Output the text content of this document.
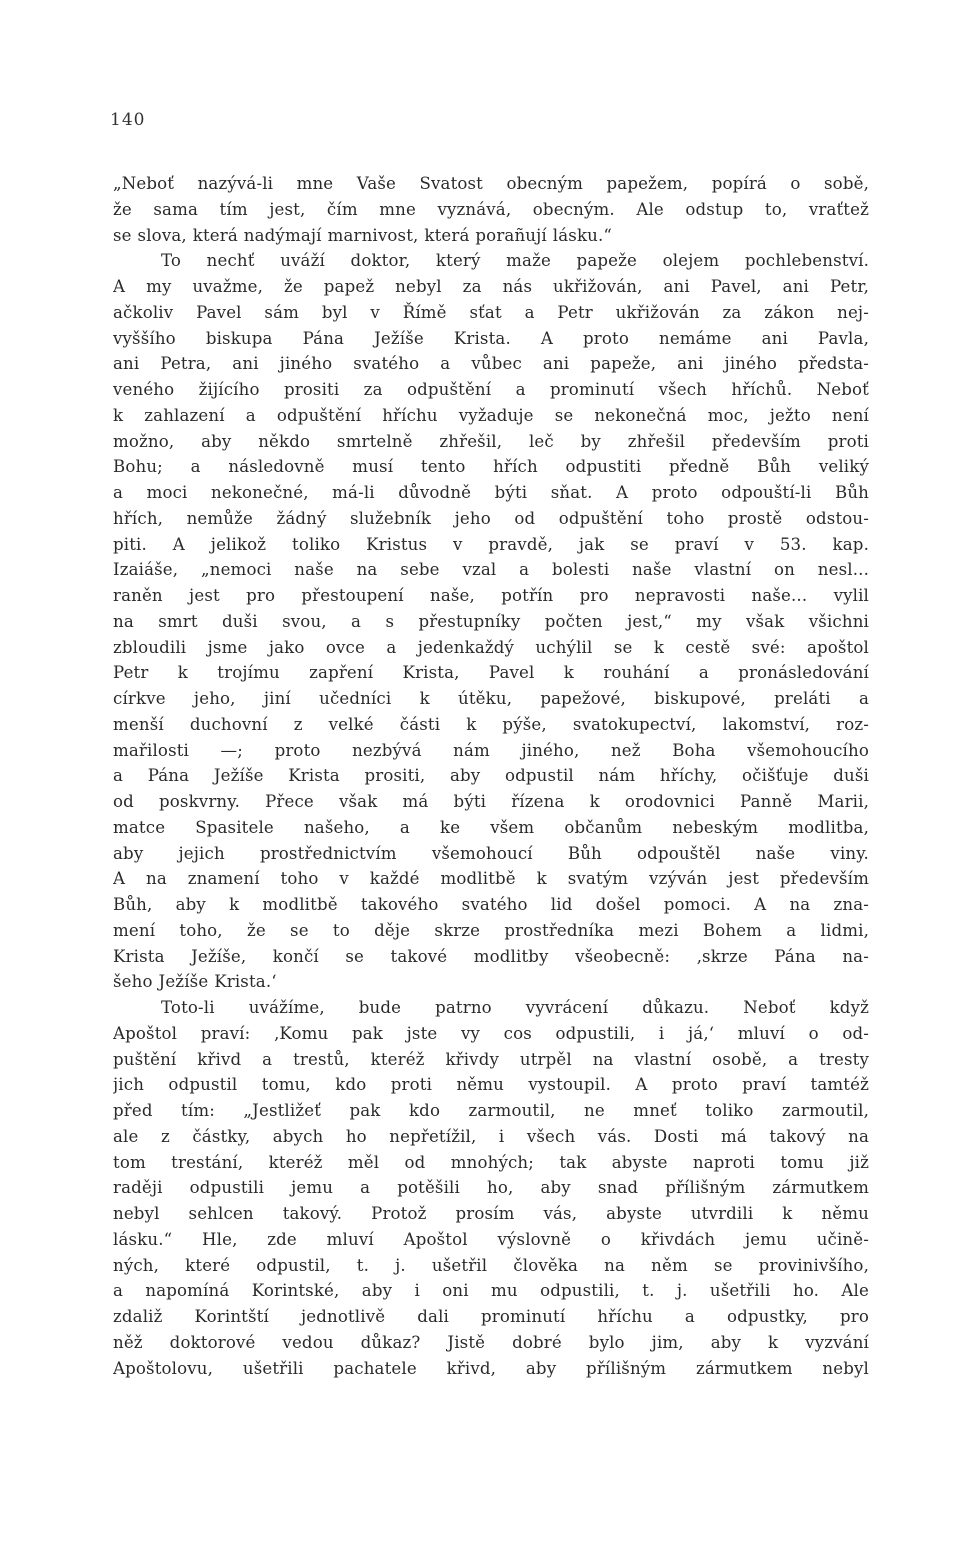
140
„Neboť nazývá-li mne Vaše Svatost obecným papežem, popírá o sobě,
že sama tím jest, čím mne vyznává, obecným. Ale odstup to, vraťtež
se slova, která nadýmají marnivost, která porañují lásku.“
To nechť uváží doktor, který maže papeže olejem pochlebenství.
A my uvažme, že papež nebyl za nás ukřižován, ani Pavel, ani Petr,
ačkoliv Pavel sám byl v Římě sťat a Petr ukřižován za zákon nej-
vyššího biskupa Pána Ježíše Krista. A proto nemáme ani Pavla,
ani Petra, ani jiného svatého a vůbec ani papeže, ani jiného předsta-
veného žijícího prositi za odpuštění a prominutí všech hříchů. Neboť
k zahlazení a odpuštění hříchu vyžaduje se nekonečná moc, ježto není
možno, aby někdo smrtelně zhřešil, leč by zhřešil především proti
Bohu; a následovně musí tento hřích odpustiti předně Bůh veliký
a moci nekonečné, má-li důvodně býti sňat. A proto odpouští-li Bůh
hřích, nemůže žádný služebník jeho od odpuštění toho prostě odstou-
piti. A jelikož toliko Kristus v pravdě, jak se praví v 53. kap.
Izaiáše, „nemoci naše na sebe vzal a bolesti naše vlastní on nesl...
raněn jest pro přestoupení naše, potřín pro nepravosti naše... vylil
na smrt duši svou, a s přestupníky počten jest,“ my však všichni
zbloudili jsme jako ovce a jedenkaždý uchýlil se k cestě své: apoštol
Petr k trojímu zapření Krista, Pavel k rouhání a pronásledování
církve jeho, jiní učedníci k útěku, papežové, biskupové, preláti a
menší duchovní z velké části k pýše, svatokupectví, lakomství, roz-
mařilosti —; proto nezbývá nám jiného, než Boha všemohoucího
a Pána Ježíše Krista prositi, aby odpustil nám hříchy, očišťuje duši
od poskvrny. Přece však má býti řízena k orodovnici Panně Marii,
matce Spasitele našeho, a ke všem občanům nebeským modlitba,
aby jejich prostřednictvím všemohoucí Bůh odpouštěl naše viny.
A na znamení toho v každé modlitbě k svatým vzýván jest především
Bůh, aby k modlitbě takového svatého lid došel pomoci. A na zna-
mení toho, že se to děje skrze prostředníka mezi Bohem a lidmi,
Krista Ježíše, končí se takové modlitby všeobecně: ‚skrze Pána na-
šeho Ježíše Krista.‘
Toto-li uvážíme, bude patrno vyvrácení důkazu. Neboť když
Apoštol praví: ‚Komu pak jste vy cos odpustili, i já,‘ mluví o od-
puštění křivd a trestů, kteréž křivdy utrpěl na vlastní osobě, a tresty
jich odpustil tomu, kdo proti němu vystoupil. A proto praví tamtéž
před tím: „Jestližeť pak kdo zarmoutil, ne mneť toliko zarmoutil,
ale z částky, abych ho nepřetížil, i všech vás. Dosti má takový na
tom trestání, kteréž měl od mnohých; tak abyste naproti tomu již
raději odpustili jemu a potěšili ho, aby snad přílišným zármutkem
nebyl sehlcen takový. Protož prosím vás, abyste utvrdili k němu
lásku.“ Hle, zde mluví Apoštol výslovně o křivdách jemu učině-
ných, které odpustil, t. j. ušetřil člověka na něm se provinivšího,
a napomíná Korintské, aby i oni mu odpustili, t. j. ušetřili ho. Ale
zdaliž Korintští jednotlivě dali prominutí hříchu a odpustky, pro
něž doktorové vedou důkaz? Jistě dobré bylo jim, aby k vyzvání
Apoštolovu, ušetřili pachatele křivd, aby přílišným zármutkem nebyl
